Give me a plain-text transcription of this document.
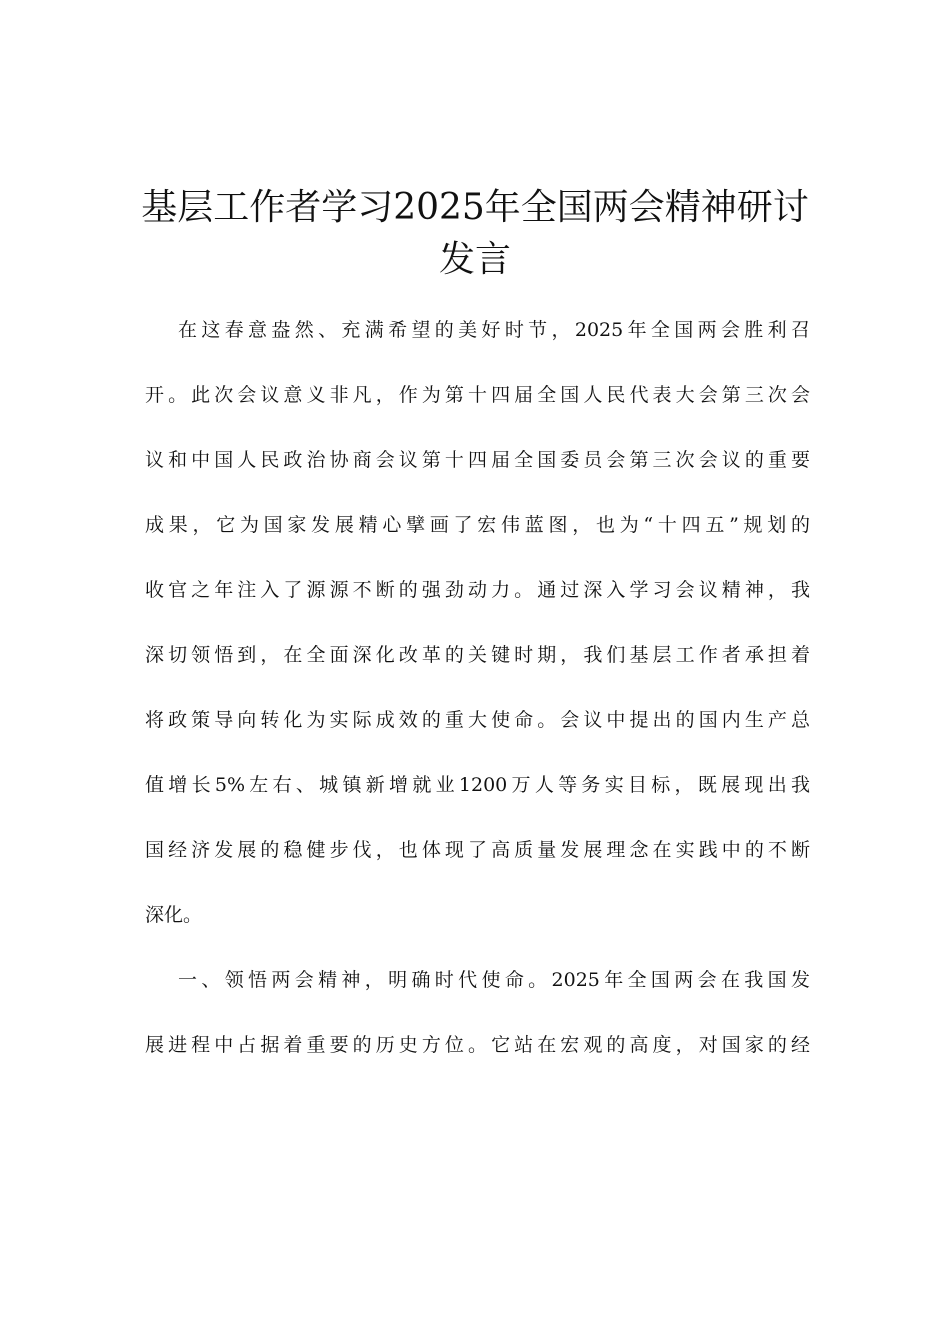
基层工作者学习2025年全国两会精神研讨
发言
在这春意盎然、充满希望的美好时节，2025年全国两会胜利召
开。此次会议意义非凡，作为第十四届全国人民代表大会第三次会
议和中国人民政治协商会议第十四届全国委员会第三次会议的重要
成果，它为国家发展精心擘画了宏伟蓝图，也为“十四五”规划的
收官之年注入了源源不断的强劲动力。通过深入学习会议精神，我
深切领悟到，在全面深化改革的关键时期，我们基层工作者承担着
将政策导向转化为实际成效的重大使命。会议中提出的国内生产总
值增长5%左右、城镇新增就业1200万人等务实目标，既展现出我
国经济发展的稳健步伐，也体现了高质量发展理念在实践中的不断
深化。
一、领悟两会精神，明确时代使命。2025年全国两会在我国发
展进程中占据着重要的历史方位。它站在宏观的高度，对国家的经
